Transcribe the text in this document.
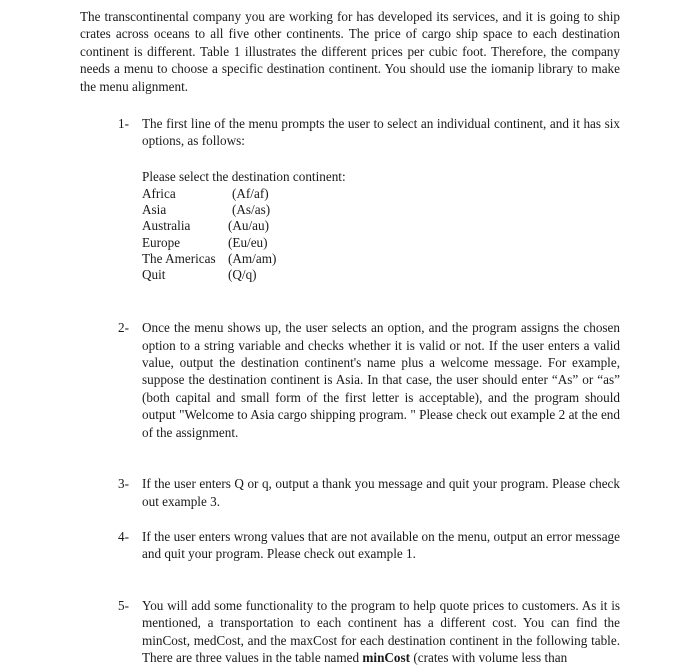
The transcontinental company you are working for has developed its services, and it is going to ship crates across oceans to all five other continents. The price of cargo ship space to each destination continent is different. Table 1 illustrates the different prices per cubic foot. Therefore, the company needs a menu to choose a specific destination continent. You should use the iomanip library to make the menu alignment.

1- The first line of the menu prompts the user to select an individual continent, and it has six options, as follows:
Please select the destination continent:
Africa	(Af/af)
Asia	(As/as)
Australia	(Au/au)
Europe	(Eu/eu)
The Americas (Am/am)
Quit	(Q/q)
2- Once the menu shows up, the user selects an option, and the program assigns the chosen option to a string variable and checks whether it is valid or not. If the user enters a valid value, output the destination continent's name plus a welcome message. For example, suppose the destination continent is Asia. In that case, the user should enter “As” or “as” (both capital and small form of the first letter is acceptable), and the program should output "Welcome to Asia cargo shipping program. " Please check out example 2 at the end of the assignment.
3- If the user enters Q or q, output a thank you message and quit your program. Please check out example 3.
4- If the user enters wrong values that are not available on the menu, output an error message and quit your program. Please check out example 1.
5- You will add some functionality to the program to help quote prices to customers. As it is mentioned, a transportation to each continent has a different cost. You can find the minCost, medCost, and the maxCost for each destination continent in the following table. There are three values in the table named minCost (crates with volume less than
